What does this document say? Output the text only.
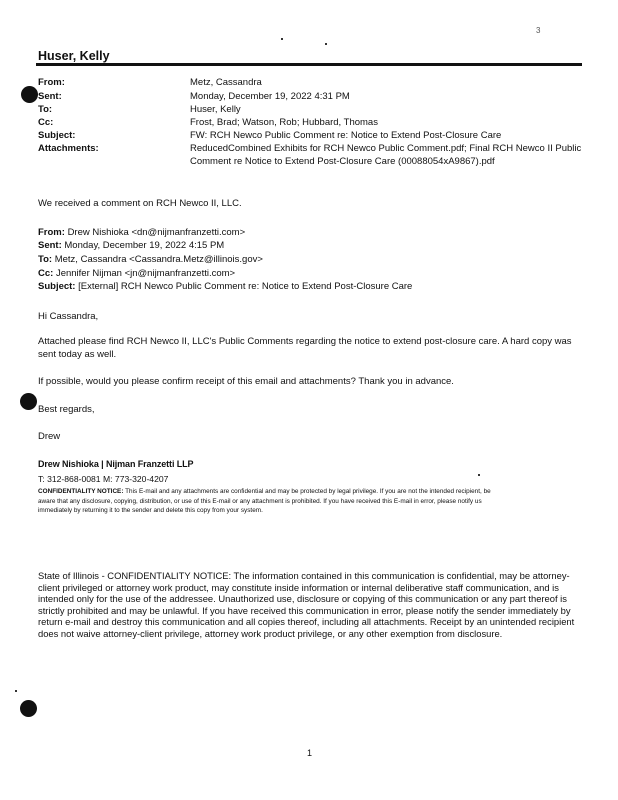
3
Huser, Kelly
From:	Metz, Cassandra
Sent:	Monday, December 19, 2022 4:31 PM
To:	Huser, Kelly
Cc:	Frost, Brad; Watson, Rob; Hubbard, Thomas
Subject:	FW: RCH Newco Public Comment re: Notice to Extend Post-Closure Care
Attachments:	ReducedCombined Exhibits for RCH Newco Public Comment.pdf; Final RCH Newco II Public Comment re Notice to Extend Post-Closure Care (00088054xA9867).pdf
We received a comment on RCH Newco II, LLC.
From: Drew Nishioka <dn@nijmanfranzetti.com>
Sent: Monday, December 19, 2022 4:15 PM
To: Metz, Cassandra <Cassandra.Metz@illinois.gov>
Cc: Jennifer Nijman <jn@nijmanfranzetti.com>
Subject: [External] RCH Newco Public Comment re: Notice to Extend Post-Closure Care
Hi Cassandra,
Attached please find RCH Newco II, LLC's Public Comments regarding the notice to extend post-closure care. A hard copy was sent today as well.
If possible, would you please confirm receipt of this email and attachments? Thank you in advance.
Best regards,
Drew
Drew Nishioka | Nijman Franzetti LLP
T: 312-868-0081 M: 773-320-4207
CONFIDENTIALITY NOTICE: This E-mail and any attachments are confidential and may be protected by legal privilege. If you are not the intended recipient, be aware that any disclosure, copying, distribution, or use of this E-mail or any attachment is prohibited. If you have received this E-mail in error, please notify us immediately by returning it to the sender and delete this copy from your system.
State of Illinois - CONFIDENTIALITY NOTICE: The information contained in this communication is confidential, may be attorney-client privileged or attorney work product, may constitute inside information or internal deliberative staff communication, and is intended only for the use of the addressee. Unauthorized use, disclosure or copying of this communication or any part thereof is strictly prohibited and may be unlawful. If you have received this communication in error, please notify the sender immediately by return e-mail and destroy this communication and all copies thereof, including all attachments. Receipt by an unintended recipient does not waive attorney-client privilege, attorney work product privilege, or any other exemption from disclosure.
1
